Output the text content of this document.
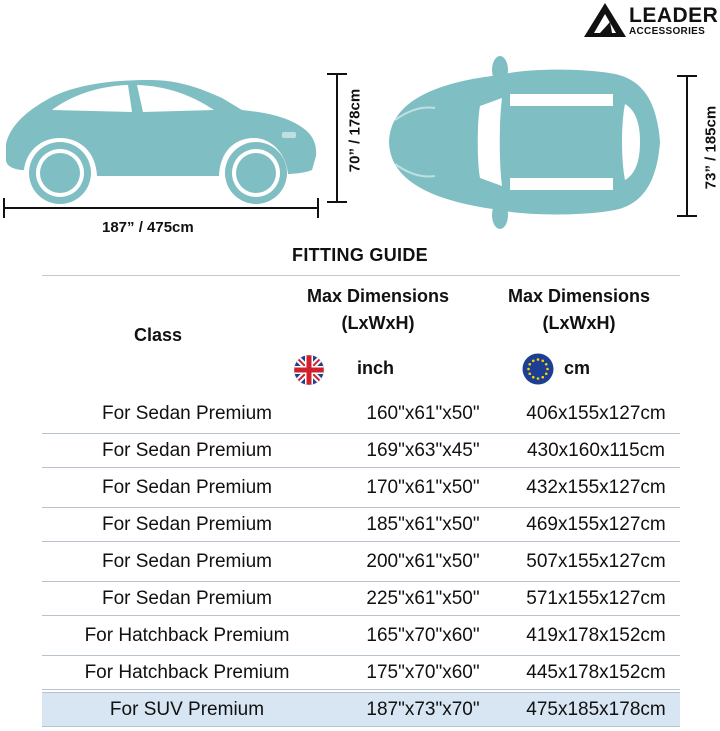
LEADER
ACCESSORIES
187” / 475cm
70” / 178cm	73” / 185cm
FITTING GUIDE
Class
Max Dimensions
(LxWxH)
Max Dimensions
(LxWxH)
inch	cm
For Sedan Premium	160"x61"x50"	406x155x127cm
For Sedan Premium	169"x63"x45"	430x160x115cm
For Sedan Premium	170"x61"x50"	432x155x127cm
For Sedan Premium	185"x61"x50"	469x155x127cm
For Sedan Premium	200"x61"x50"	507x155x127cm
For Sedan Premium	225"x61"x50"	571x155x127cm
For Hatchback Premium	165"x70"x60"	419x178x152cm
For Hatchback Premium	175"x70"x60"	445x178x152cm
For SUV Premium	187"x73"x70"	475x185x178cm
